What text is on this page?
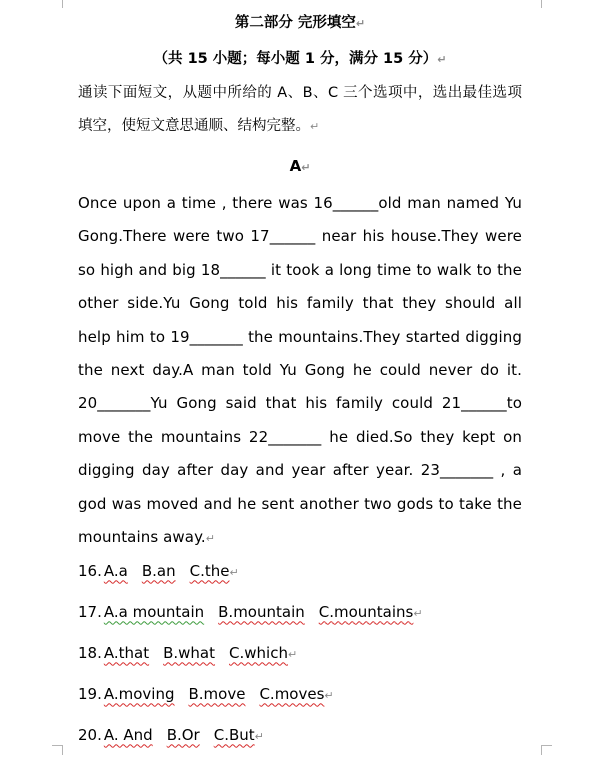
第二部分 完形填空↵
（共 15 小题；每小题 1 分，满分 15 分）↵
通读下面短文，从题中所给的 A、B、C 三个选项中，选出最佳选项填空，使短文意思通顺、结构完整。↵
A↵
Once upon a time , there was 16______old man named Yu Gong.There were two 17______ near his house.They were so high and big 18______ it took a long time to walk to the other side.Yu Gong told his family that they should all help him to 19_______ the mountains.They started digging the next day.A man told Yu Gong he could never do it. 20_______Yu Gong said that his family could 21______to move the mountains 22_______ he died.So they kept on digging day after day and year after year. 23_______ , a god was moved and he sent another two gods to take the mountains away.↵
16. A.a B.an C.the↵
17. A.a mountain B.mountain C.mountains↵
18. A.that B.what C.which↵
19. A.moving B.move C.moves↵
20. A. And B.Or C.But↵
